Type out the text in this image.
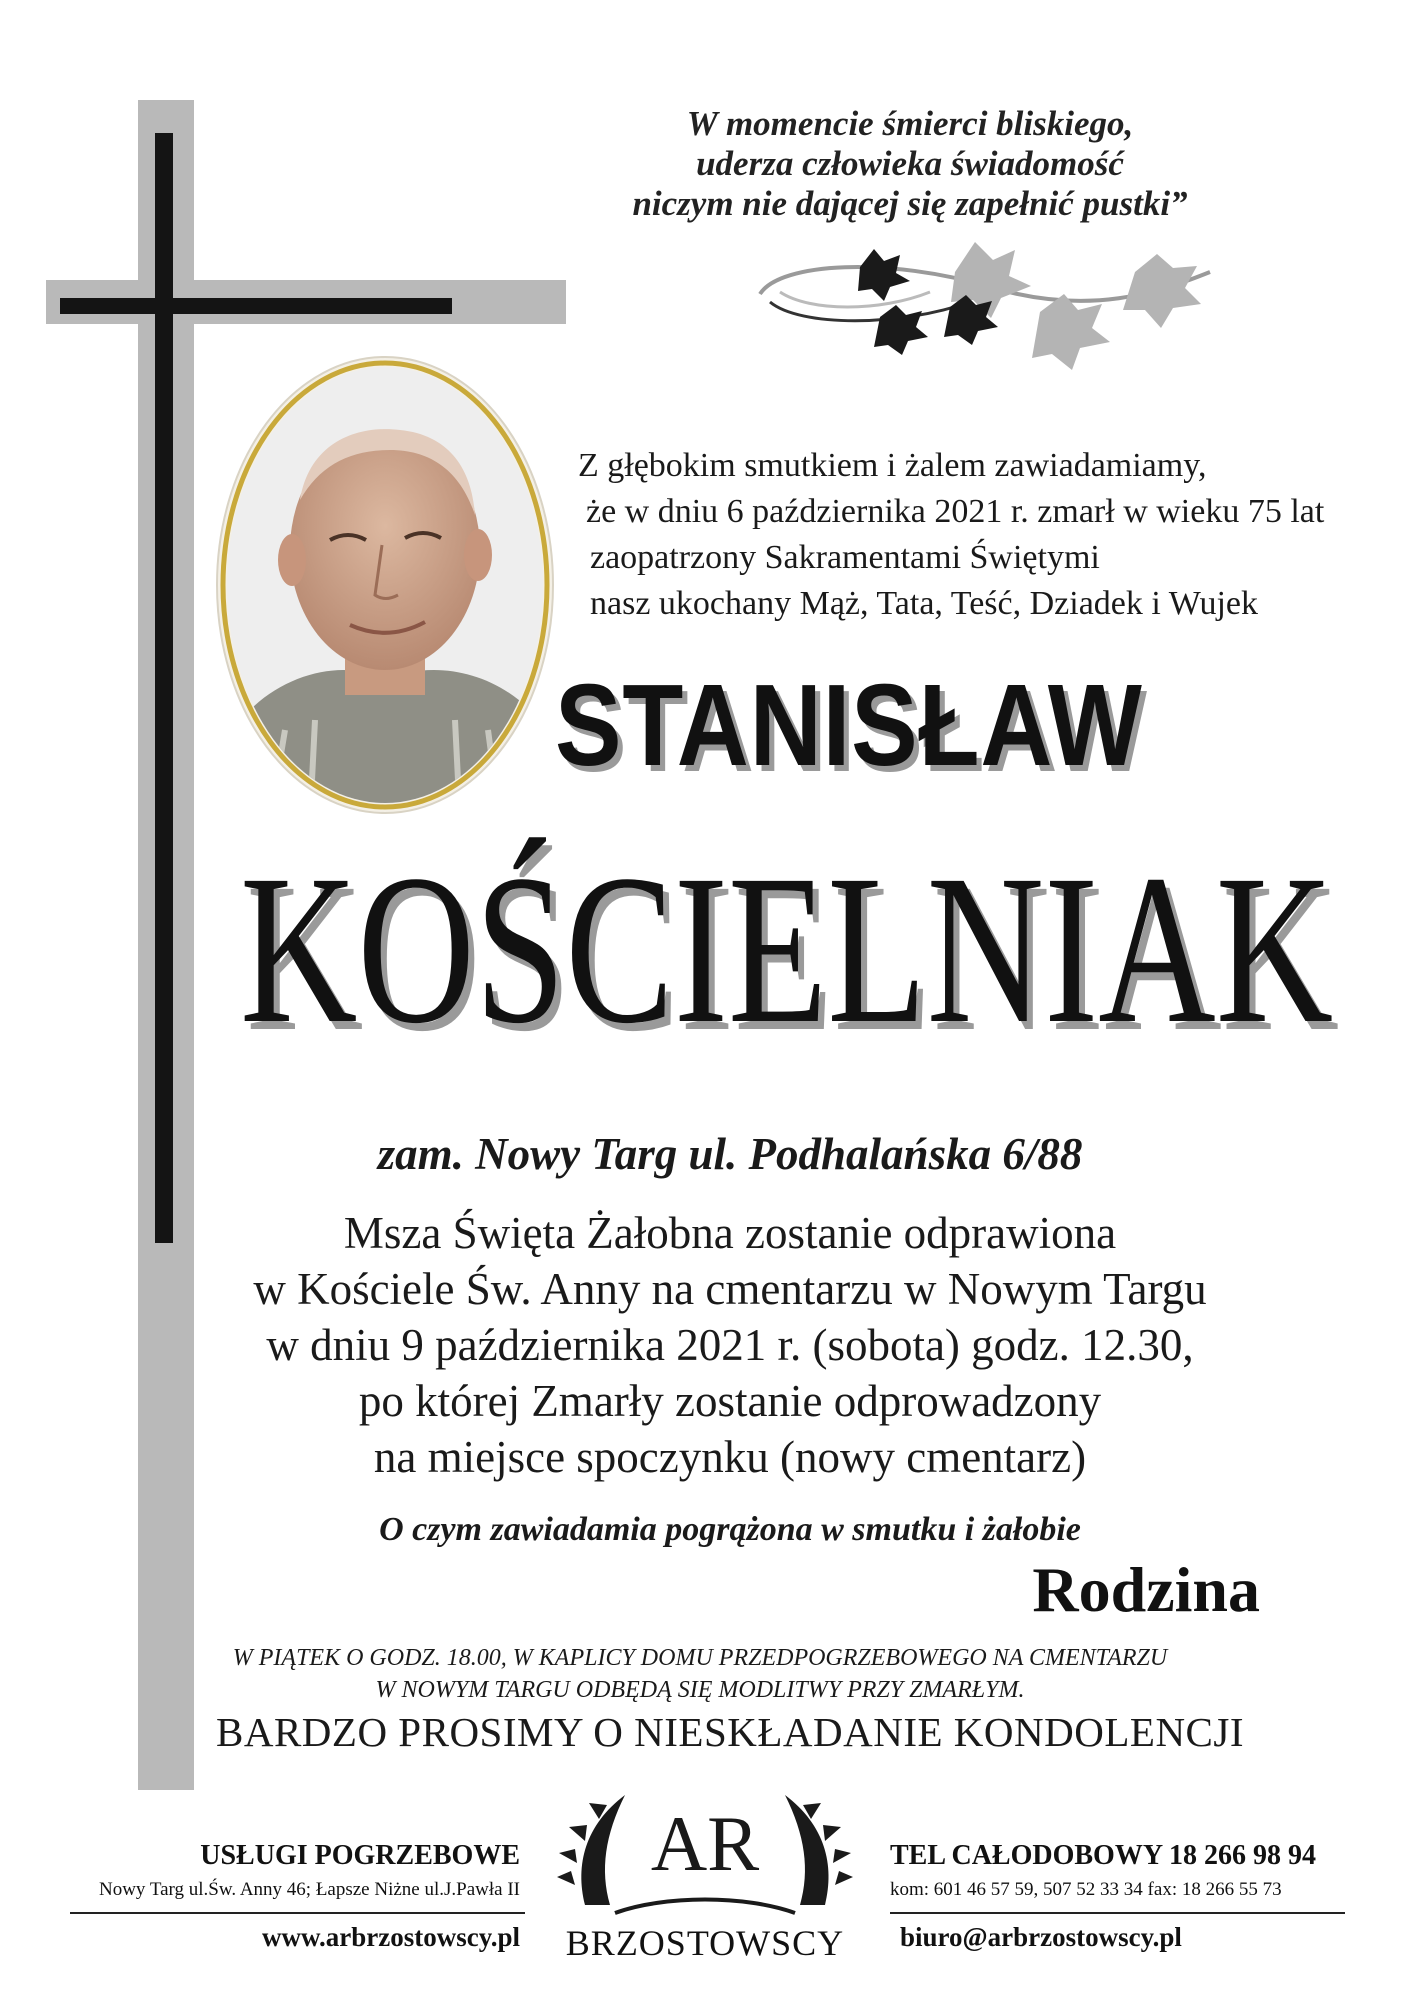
W momencie śmierci bliskiego,
uderza człowieka świadomość
niczym nie dającej się zapełnić pustki”
Z głębokim smutkiem i żalem zawiadamiamy,
że w dniu 6 października 2021 r. zmarł w wieku 75 lat
zaopatrzony Sakramentami Świętymi
nasz ukochany Mąż, Tata, Teść, Dziadek i Wujek
STANISŁAW
KOŚCIELNIAK
zam. Nowy Targ ul. Podhalańska 6/88
Msza Święta Żałobna zostanie odprawiona
w Kościele Św. Anny na cmentarzu w Nowym Targu
w dniu 9 października 2021 r. (sobota) godz. 12.30,
po której Zmarły zostanie odprowadzony
na miejsce spoczynku (nowy cmentarz)
O czym zawiadamia pogrążona w smutku i żałobie
Rodzina
W PIĄTEK O GODZ. 18.00, W KAPLICY DOMU PRZEDPOGRZEBOWEGO NA CMENTARZU
W NOWYM TARGU ODBĘDĄ SIĘ MODLITWY PRZY ZMARŁYM.
BARDZO PROSIMY O NIESKŁADANIE KONDOLENCJI
USŁUGI POGRZEBOWE
Nowy Targ ul.Św. Anny 46; Łapsze Niżne ul.J.Pawła II
www.arbrzostowscy.pl
AR
BRZOSTOWSCY
TEL CAŁODOBOWY 18 266 98 94
kom: 601 46 57 59, 507 52 33 34 fax: 18 266 55 73
biuro@arbrzostowscy.pl
